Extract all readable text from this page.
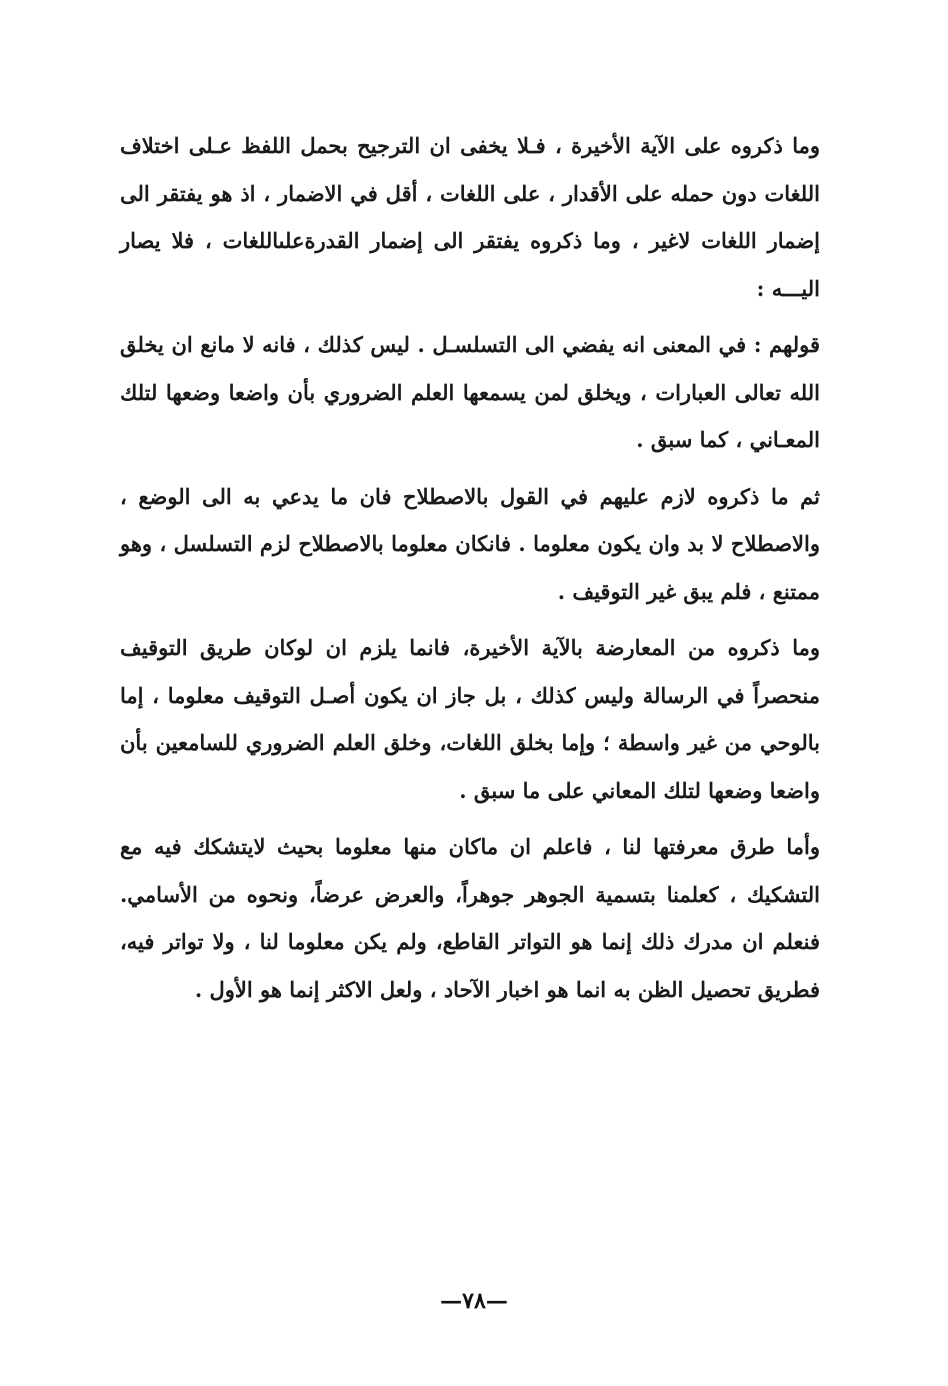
وما ذكروه على الآية الأخيرة ، فـلا يخفى ان الترجيح بحمل اللفظ عـلى اختلاف اللغات دون حمله على الأقدار ، على اللغات ، أقل في الاضمار ، اذ هو يفتقر الى إضمار اللغات لاغير ، وما ذكروه يفتقر الى إضمار القدرةعلىاللغات ، فلا يصار اليـــه :

قولهم : في المعنى انه يفضي الى التسلسـل . ليس كذلك ، فانه لا مانع ان يخلق الله تعالى العبارات ، ويخلق لمن يسمعها العلم الضروري بأن واضعا وضعها لتلك المعـاني ، كما سبق .

ثم ما ذكروه لازم عليهم في القول بالاصطلاح فان ما يدعي به الى الوضع ، والاصطلاح لا بد وان يكون معلوما . فانكان معلوما بالاصطلاح لزم التسلسل ، وهو ممتنع ، فلم يبق غير التوقيف .

وما ذكروه من المعارضة بالآية الأخيرة، فانما يلزم ان لوكان طريق التوقيف منحصراً في الرسالة وليس كذلك ، بل جاز ان يكون أصـل التوقيف معلوما ، إما بالوحي من غير واسطة ؛ وإما بخلق اللغات، وخلق العلم الضروري للسامعين بأن واضعا وضعها لتلك المعاني على ما سبق .

وأما طرق معرفتها لنا ، فاعلم ان ماكان منها معلوما بحيث لايتشكك فيه مع التشكيك ، كعلمنا بتسمية الجوهر جوهراً، والعرض عرضاً، ونحوه من الأسامي. فنعلم ان مدرك ذلك إنما هو التواتر القاطع، ولم يكن معلوما لنا ، ولا تواتر فيه، فطريق تحصيل الظن به انما هو اخبار الآحاد ، ولعل الاكثر إنما هو الأول .

—٧٨—
